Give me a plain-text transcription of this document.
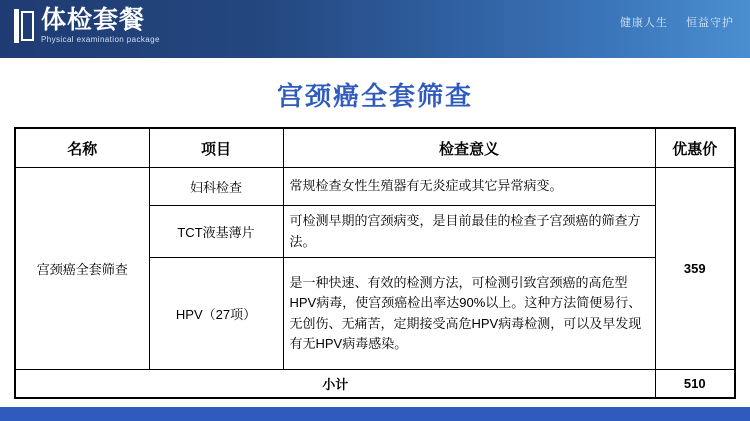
体检套餐
Physical examination package
健康人生 恒益守护
宫颈癌全套筛查
名称	项目	检查意义	优惠价
宫颈癌全套筛查	妇科检查	常规检查女性生殖器有无炎症或其它异常病变。	359
	TCT液基薄片	可检测早期的宫颈病变，是目前最佳的检查子宫颈癌的筛查方法。	
	HPV（27项）	是一种快速、有效的检测方法，可检测引致宫颈癌的高危型HPV病毒，使宫颈癌检出率达90%以上。这种方法简便易行、无创伤、无痛苦，定期接受高危HPV病毒检测，可以及早发现有无HPV病毒感染。	
小计			510
